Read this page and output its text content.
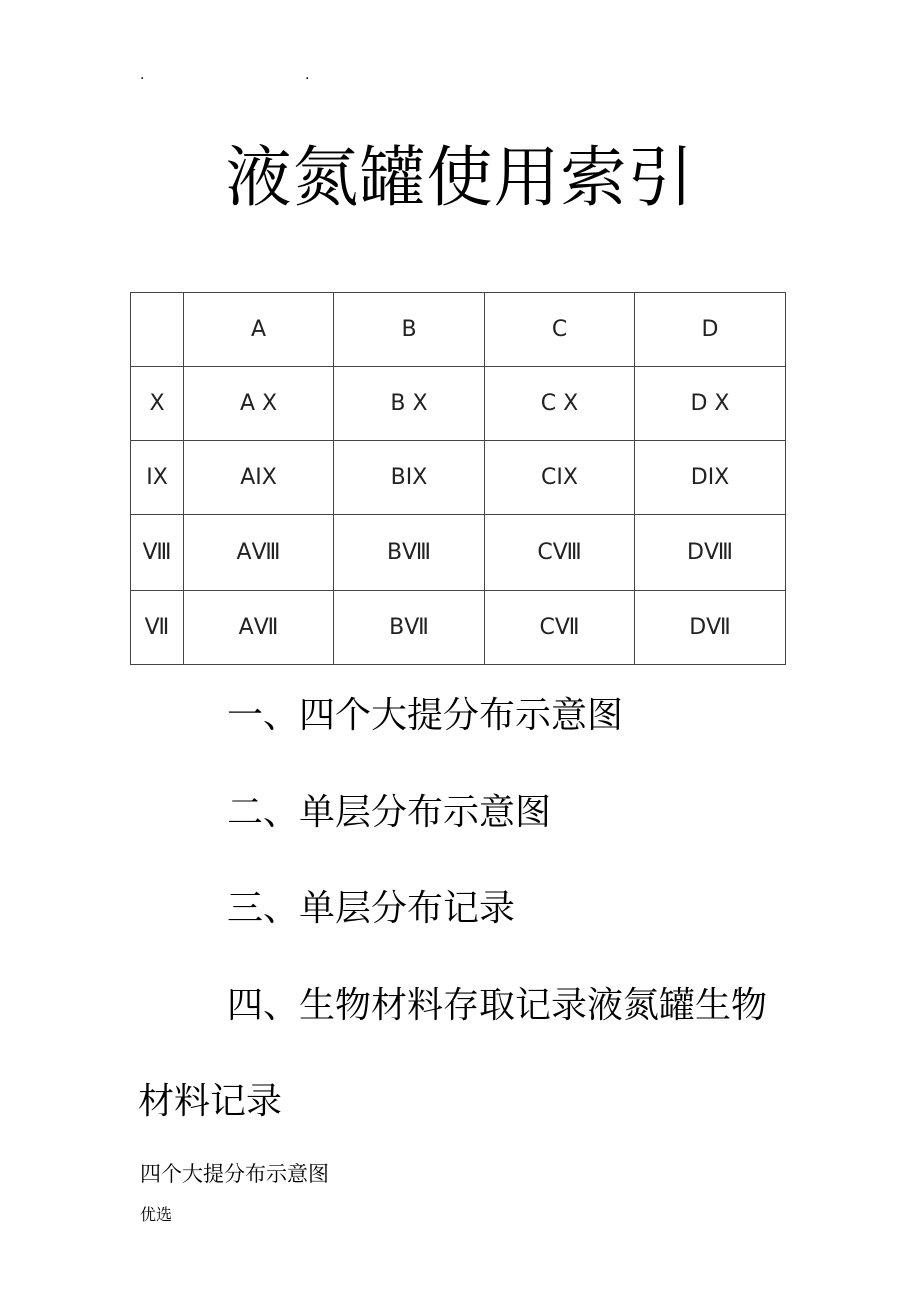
.	.
液氮罐使用索引
	A	B	C	D
X	A X	B X	C X	D X
IX	AIX	BIX	CIX	DIX
Ⅷ	AⅧ	BⅧ	CⅧ	DⅧ
Ⅶ	AⅦ	BⅦ	CⅦ	DⅦ
一、四个大提分布示意图
二、单层分布示意图
三、单层分布记录
四、生物材料存取记录液氮罐生物
材料记录
四个大提分布示意图
优选
